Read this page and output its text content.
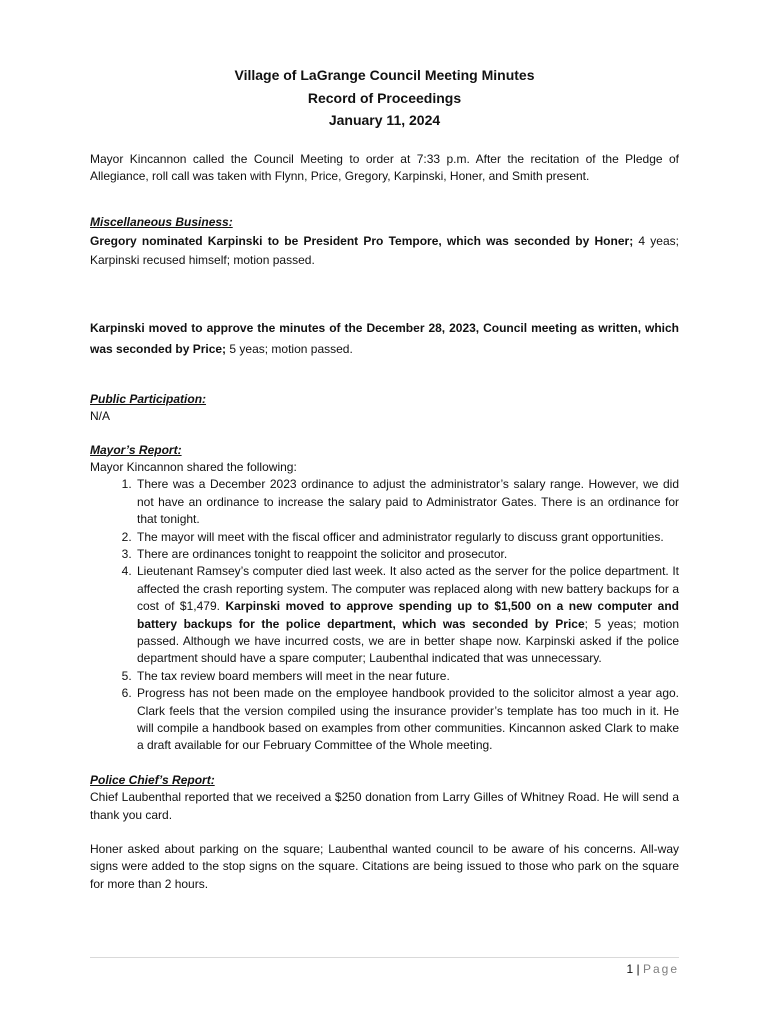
Village of LaGrange Council Meeting Minutes
Record of Proceedings
January 11, 2024

Mayor Kincannon called the Council Meeting to order at 7:33 p.m. After the recitation of the Pledge of Allegiance, roll call was taken with Flynn, Price, Gregory, Karpinski, Honer, and Smith present.

Miscellaneous Business:

Gregory nominated Karpinski to be President Pro Tempore, which was seconded by Honer; 4 yeas; Karpinski recused himself; motion passed.

Karpinski moved to approve the minutes of the December 28, 2023, Council meeting as written, which was seconded by Price; 5 yeas; motion passed.

Public Participation:

N/A

Mayor’s Report:

Mayor Kincannon shared the following:

1. There was a December 2023 ordinance to adjust the administrator’s salary range. However, we did not have an ordinance to increase the salary paid to Administrator Gates. There is an ordinance for that tonight.
2. The mayor will meet with the fiscal officer and administrator regularly to discuss grant opportunities.
3. There are ordinances tonight to reappoint the solicitor and prosecutor.
4. Lieutenant Ramsey’s computer died last week. It also acted as the server for the police department. It affected the crash reporting system. The computer was replaced along with new battery backups for a cost of $1,479. Karpinski moved to approve spending up to $1,500 on a new computer and battery backups for the police department, which was seconded by Price; 5 yeas; motion passed. Although we have incurred costs, we are in better shape now. Karpinski asked if the police department should have a spare computer; Laubenthal indicated that was unnecessary.
5. The tax review board members will meet in the near future.
6. Progress has not been made on the employee handbook provided to the solicitor almost a year ago. Clark feels that the version compiled using the insurance provider’s template has too much in it. He will compile a handbook based on examples from other communities. Kincannon asked Clark to make a draft available for our February Committee of the Whole meeting.

Police Chief’s Report:

Chief Laubenthal reported that we received a $250 donation from Larry Gilles of Whitney Road. He will send a thank you card.

Honer asked about parking on the square; Laubenthal wanted council to be aware of his concerns. All-way signs were added to the stop signs on the square. Citations are being issued to those who park on the square for more than 2 hours.

1 | Page
